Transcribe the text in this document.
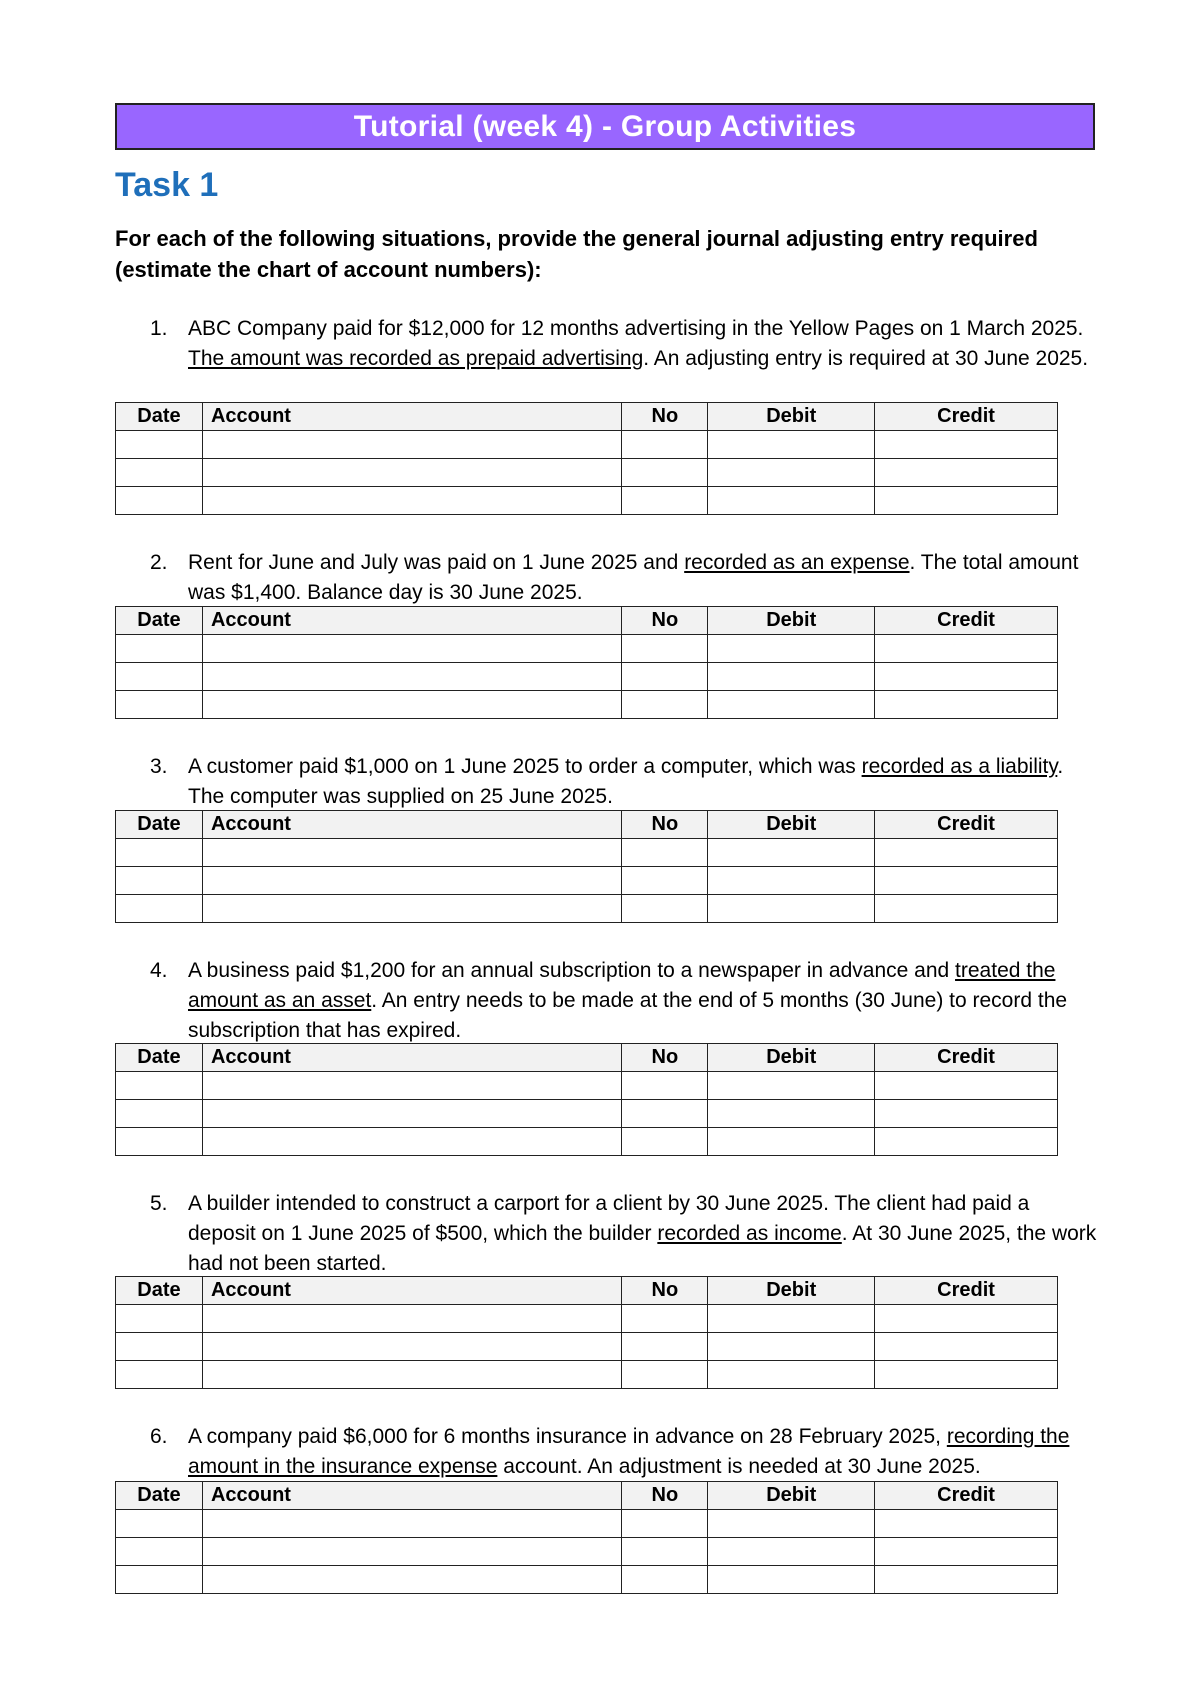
Tutorial (week 4) - Group Activities
Task 1
For each of the following situations, provide the general journal adjusting entry required (estimate the chart of account numbers):
1. ABC Company paid for $12,000 for 12 months advertising in the Yellow Pages on 1 March 2025. The amount was recorded as prepaid advertising. An adjusting entry is required at 30 June 2025.
Date	Account	No	Debit	Credit

2. Rent for June and July was paid on 1 June 2025 and recorded as an expense. The total amount was $1,400. Balance day is 30 June 2025.
Date	Account	No	Debit	Credit

3. A customer paid $1,000 on 1 June 2025 to order a computer, which was recorded as a liability. The computer was supplied on 25 June 2025.
Date	Account	No	Debit	Credit

4. A business paid $1,200 for an annual subscription to a newspaper in advance and treated the amount as an asset. An entry needs to be made at the end of 5 months (30 June) to record the subscription that has expired.
Date	Account	No	Debit	Credit

5. A builder intended to construct a carport for a client by 30 June 2025. The client had paid a deposit on 1 June 2025 of $500, which the builder recorded as income. At 30 June 2025, the work had not been started.
Date	Account	No	Debit	Credit

6. A company paid $6,000 for 6 months insurance in advance on 28 February 2025, recording the amount in the insurance expense account. An adjustment is needed at 30 June 2025.
Date	Account	No	Debit	Credit
